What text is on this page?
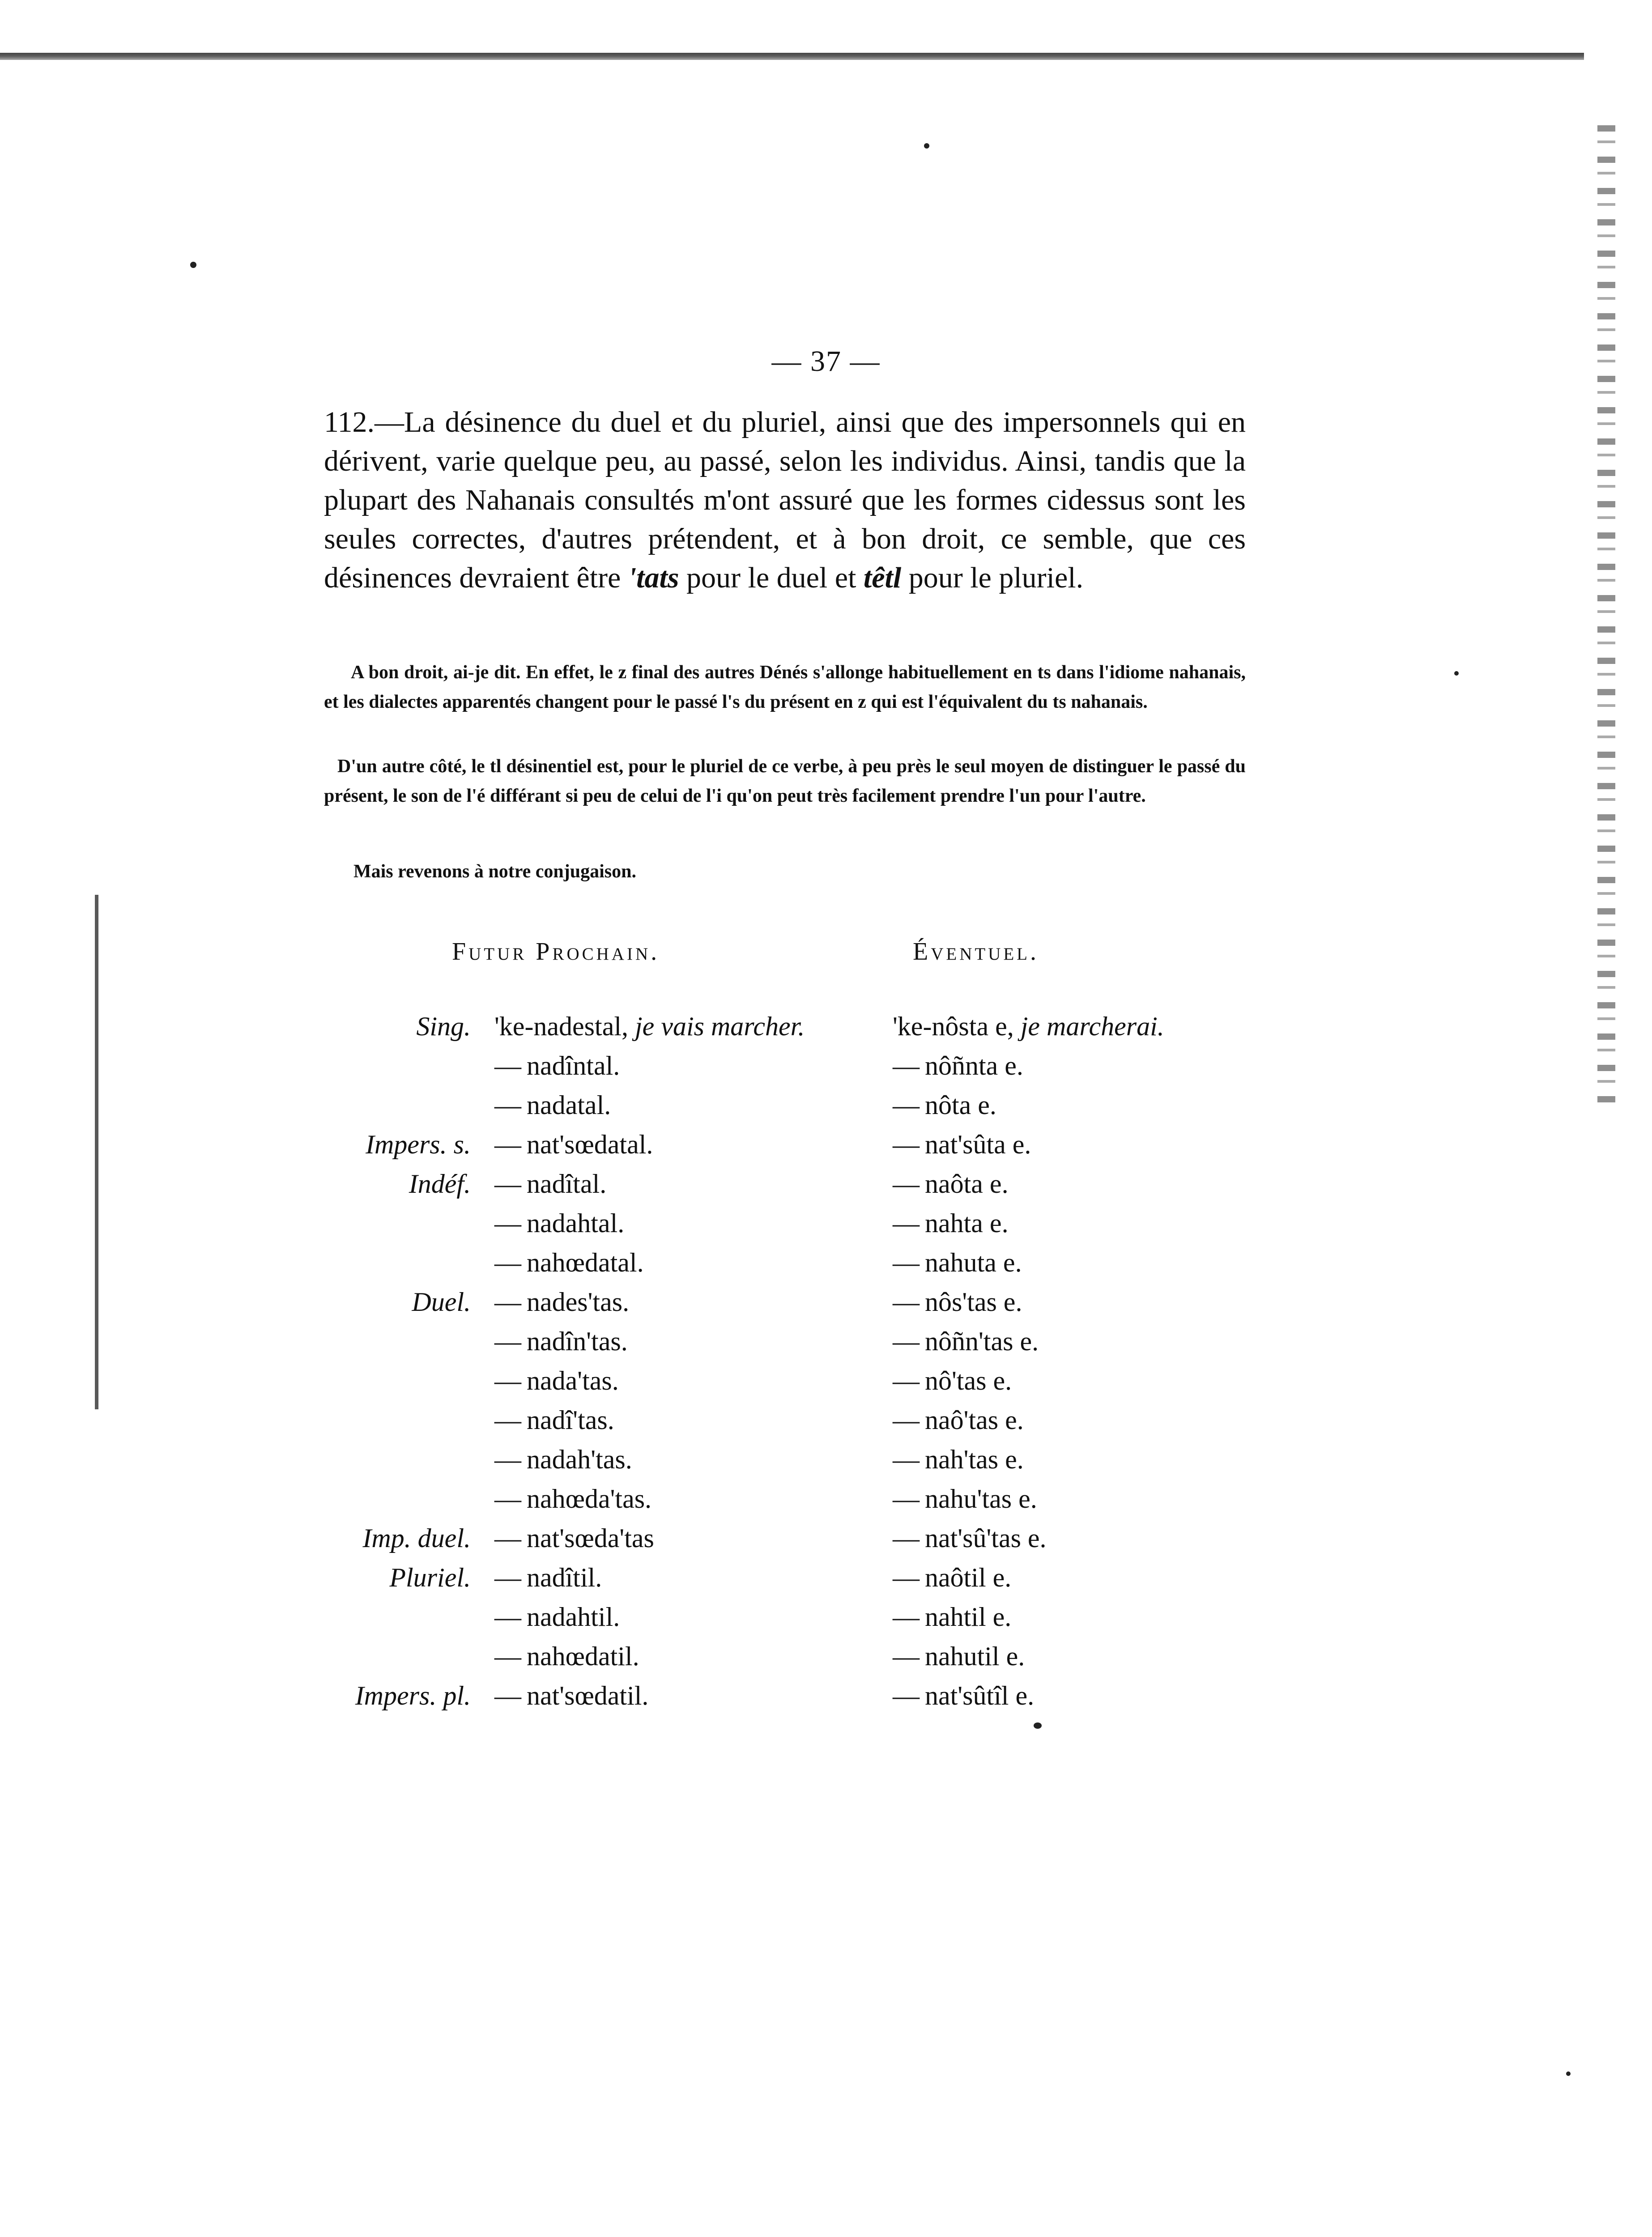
— 37 —

112.—La désinence du duel et du pluriel, ainsi que des impersonnels qui en dérivent, varie quelque peu, au passé, selon les individus. Ainsi, tandis que la plupart des Nahanais consultés m'ont assuré que les formes cidessus sont les seules correctes, d'autres prétendent, et à bon droit, ce semble, que ces désinences devraient être 'tats pour le duel et têtl pour le pluriel.

A bon droit, ai-je dit. En effet, le z final des autres Dénés s'allonge habituellement en ts dans l'idiome nahanais, et les dialectes apparentés changent pour le passé l's du présent en z qui est l'équivalent du ts nahanais.

D'un autre côté, le tl désinentiel est, pour le pluriel de ce verbe, à peu près le seul moyen de distinguer le passé du présent, le son de l'é différant si peu de celui de l'i qu'on peut très facilement prendre l'un pour l'autre.

Mais revenons à notre conjugaison.

Futur Prochain.	Éventuel.
Sing. 'ke-nadestal, je vais marcher.	'ke-nôsta e, je marcherai.
— nadîntal.	— nôñnta e.
— nadatal.	— nôta e.
Impers. s. — nat'sœdatal.	— nat'sûta e.
Indéf. — nadîtal.	— naôta e.
— nadahtal.	— nahta e.
— nahœdatal.	— nahuta e.
Duel. — nades'tas.	— nôs'tas e.
— nadîn'tas.	— nôñn'tas e.
— nada'tas.	— nô'tas e.
— nadî'tas.	— naô'tas e.
— nadah'tas.	— nah'tas e.
— nahœda'tas.	— nahu'tas e.
Imp. duel. — nat'sœda'tas	— nat'sû'tas e.
Pluriel. — nadîtil.	— naôtil e.
— nadahtil.	— nahtil e.
— nahœdatil.	— nahutil e.
Impers. pl. — nat'sœdatil.	— nat'sûtîl e.
